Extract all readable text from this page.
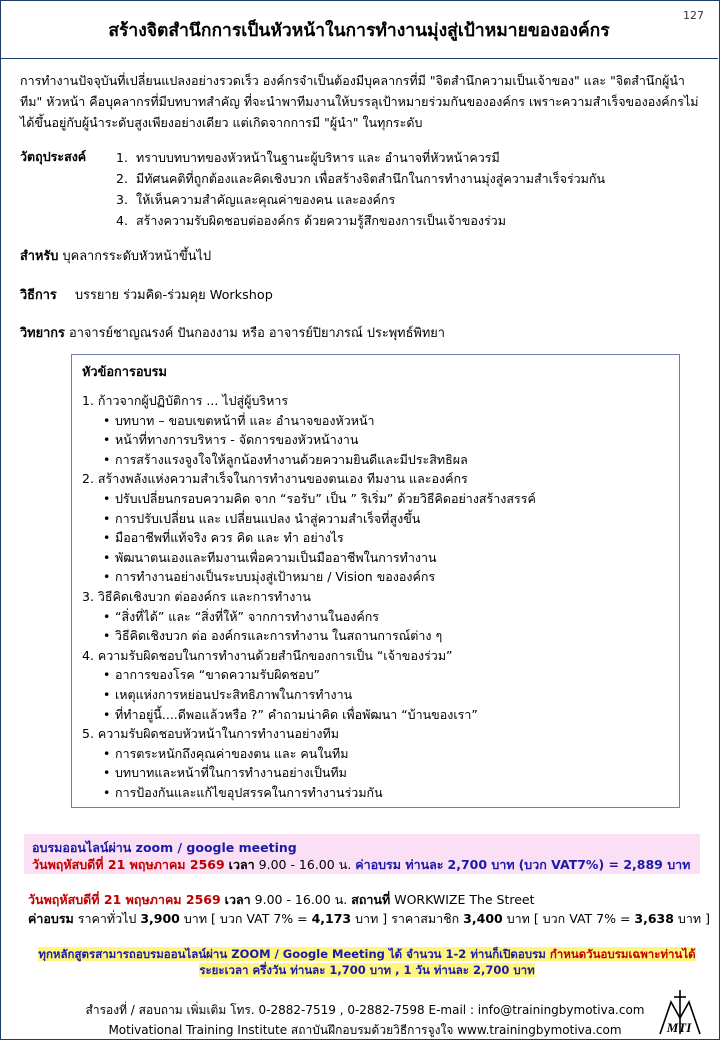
127
สร้างจิตสำนึกการเป็นหัวหน้าในการทำงานมุ่งสู่เป้าหมายขององค์กร
การทำงานปัจจุบันที่เปลี่ยนแปลงอย่างรวดเร็ว องค์กรจำเป็นต้องมีบุคลากรที่มี "จิตสำนึกความเป็นเจ้าของ" และ "จิตสำนึกผู้นำทีม" หัวหน้า คือบุคลากรที่มีบทบาทสำคัญ ที่จะนำพาทีมงานให้บรรลุเป้าหมายร่วมกันขององค์กร เพราะความสำเร็จขององค์กรไม่ได้ขึ้นอยู่กับผู้นำระดับสูงเพียงอย่างเดียว แต่เกิดจากการมี "ผู้นำ" ในทุกระดับ
วัตถุประสงค์ 1. ทราบบทบาทของหัวหน้าในฐานะผู้บริหาร และ อำนาจที่หัวหน้าควรมี
2. มีทัศนคติที่ถูกต้องและคิดเชิงบวก เพื่อสร้างจิตสำนึกในการทำงานมุ่งสู่ความสำเร็จร่วมกัน
3. ให้เห็นความสำคัญและคุณค่าของคน และองค์กร
4. สร้างความรับผิดชอบต่อองค์กร ด้วยความรู้สึกของการเป็นเจ้าของร่วม
สำหรับ บุคลากรระดับหัวหน้าขึ้นไป
วิธีการ บรรยาย ร่วมคิด-ร่วมคุย Workshop
วิทยากร อาจารย์ชาญณรงค์ ปันกองงาม หรือ อาจารย์ปิยาภรณ์ ประพุทธ์พิทยา
หัวข้อการอบรม
1. ก้าวจากผู้ปฏิบัติการ ... ไปสู่ผู้บริหาร
• บทบาท – ขอบเขตหน้าที่ และ อำนาจของหัวหน้า
• หน้าที่ทางการบริหาร - จัดการของหัวหน้างาน
• การสร้างแรงจูงใจให้ลูกน้องทำงานด้วยความยินดีและมีประสิทธิผล
2. สร้างพลังแห่งความสำเร็จในการทำงานของตนเอง ทีมงาน และองค์กร
• ปรับเปลี่ยนกรอบความคิด จาก “รอรับ” เป็น ” ริเริ่ม” ด้วยวิธีคิดอย่างสร้างสรรค์
• การปรับเปลี่ยน และ เปลี่ยนแปลง นำสู่ความสำเร็จที่สูงขึ้น
• มืออาชีพที่แท้จริง ควร คิด และ ทำ อย่างไร
• พัฒนาตนเองและทีมงานเพื่อความเป็นมืออาชีพในการทำงาน
• การทำงานอย่างเป็นระบบมุ่งสู่เป้าหมาย / Vision ขององค์กร
3. วิธีคิดเชิงบวก ต่อองค์กร และการทำงาน
• “สิ่งที่ได้” และ “สิ่งที่ให้” จากการทำงานในองค์กร
• วิธีคิดเชิงบวก ต่อ องค์กรและการทำงาน ในสถานการณ์ต่าง ๆ
4. ความรับผิดชอบในการทำงานด้วยสำนึกของการเป็น “เจ้าของร่วม”
• อาการของโรค “ขาดความรับผิดชอบ”
• เหตุแห่งการหย่อนประสิทธิภาพในการทำงาน
• ที่ทำอยู่นี้....ดีพอแล้วหรือ ?” คำถามน่าคิด เพื่อพัฒนา “บ้านของเรา”
5. ความรับผิดชอบหัวหน้าในการทำงานอย่างทีม
• การตระหนักถึงคุณค่าของตน และ คนในทีม
• บทบาทและหน้าที่ในการทำงานอย่างเป็นทีม
• การป้องกันและแก้ไขอุปสรรคในการทำงานร่วมกัน
อบรมออนไลน์ผ่าน zoom / google meeting
วันพฤหัสบดีที่ 21 พฤษภาคม 2569 เวลา 9.00 - 16.00 น. ค่าอบรม ท่านละ 2,700 บาท (บวก VAT7%) = 2,889 บาท
วันพฤหัสบดีที่ 21 พฤษภาคม 2569 เวลา 9.00 - 16.00 น. สถานที่ WORKWIZE The Street
ค่าอบรม ราคาทั่วไป 3,900 บาท [ บวก VAT 7% = 4,173 บาท ] ราคาสมาชิก 3,400 บาท [ บวก VAT 7% = 3,638 บาท ]
ทุกหลักสูตรสามารถอบรมออนไลน์ผ่าน ZOOM / Google Meeting ได้ จำนวน 1-2 ท่านก็เปิดอบรม กำหนดวันอบรมเฉพาะท่านได้
ระยะเวลา ครึ่งวัน ท่านละ 1,700 บาท , 1 วัน ท่านละ 2,700 บาท
สำรองที่ / สอบถาม เพิ่มเติม โทร. 0-2882-7519 , 0-2882-7598 E-mail : info@trainingbymotiva.com
Motivational Training Institute สถาบันฝึกอบรมด้วยวิธีการจูงใจ www.trainingbymotiva.com	MTI
